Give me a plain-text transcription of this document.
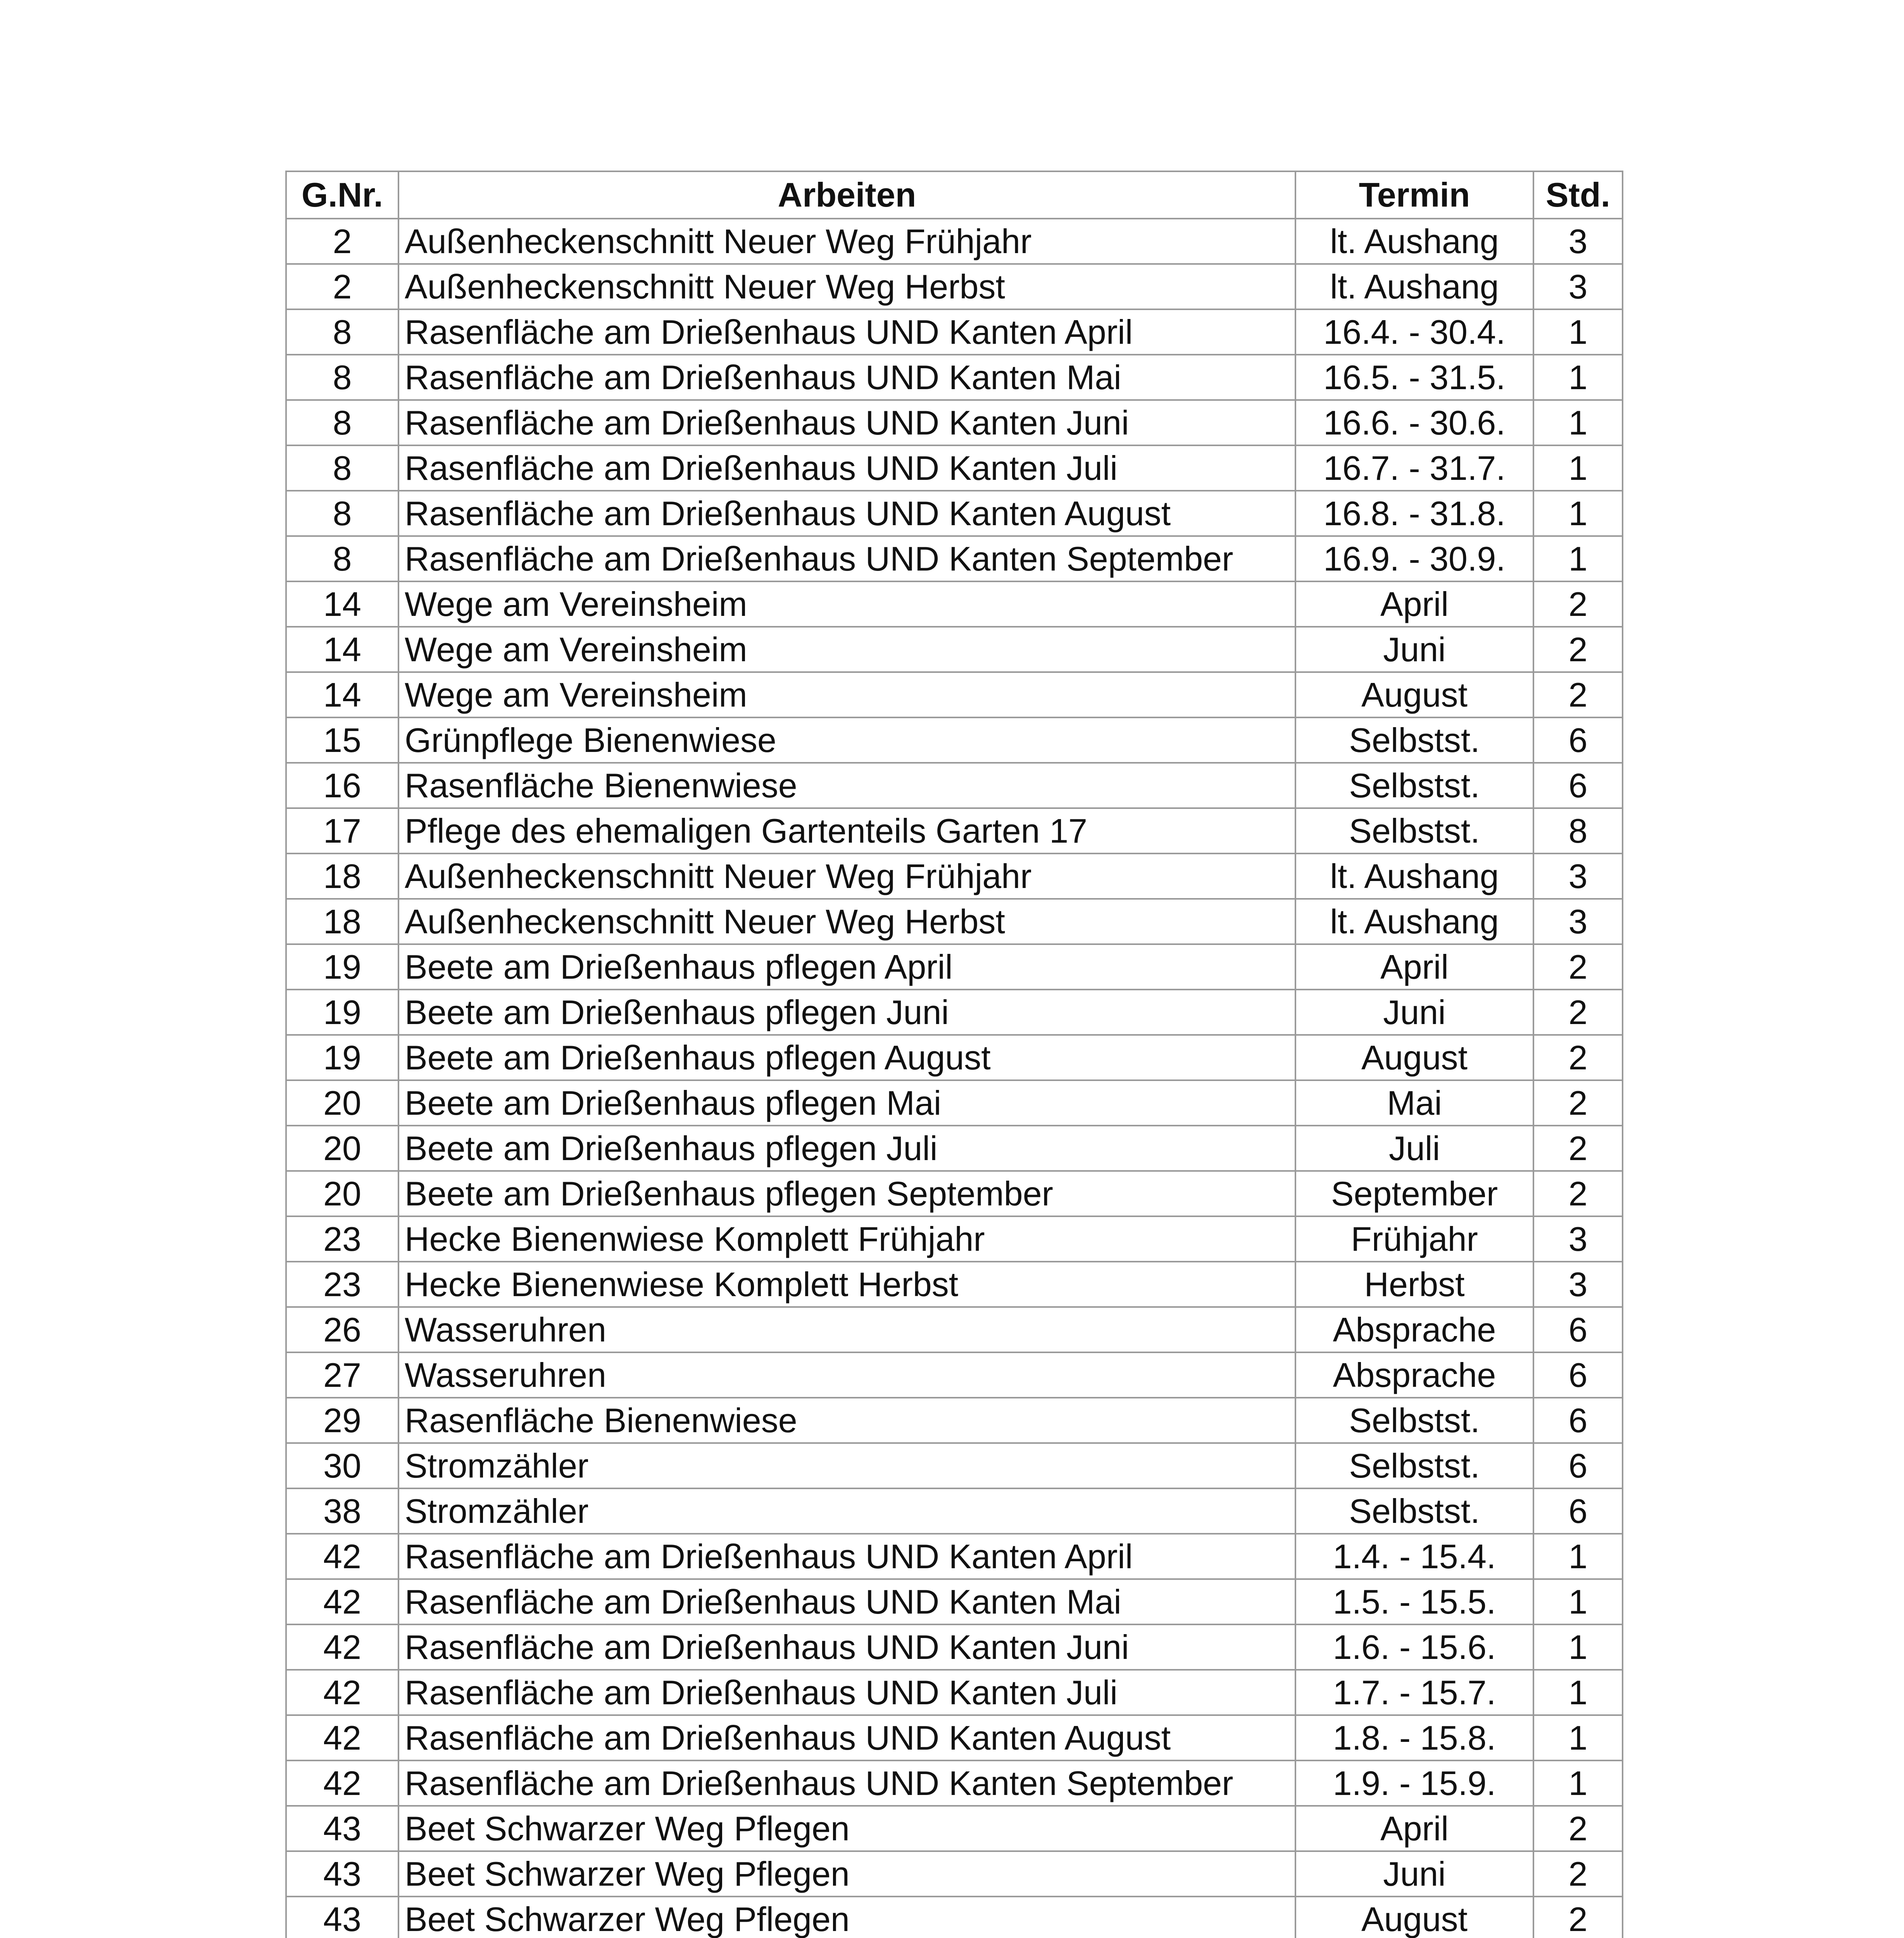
G.Nr.	Arbeiten	Termin	Std.
2	Außenheckenschnitt Neuer Weg Frühjahr	lt. Aushang	3
2	Außenheckenschnitt Neuer Weg Herbst	lt. Aushang	3
8	Rasenfläche am Drießenhaus UND Kanten April	16.4. - 30.4.	1
8	Rasenfläche am Drießenhaus UND Kanten Mai	16.5. - 31.5.	1
8	Rasenfläche am Drießenhaus UND Kanten Juni	16.6. - 30.6.	1
8	Rasenfläche am Drießenhaus UND Kanten Juli	16.7. - 31.7.	1
8	Rasenfläche am Drießenhaus UND Kanten August	16.8. - 31.8.	1
8	Rasenfläche am Drießenhaus UND Kanten September	16.9. - 30.9.	1
14	Wege am Vereinsheim	April	2
14	Wege am Vereinsheim	Juni	2
14	Wege am Vereinsheim	August	2
15	Grünpflege Bienenwiese	Selbstst.	6
16	Rasenfläche Bienenwiese	Selbstst.	6
17	Pflege des ehemaligen Gartenteils Garten 17	Selbstst.	8
18	Außenheckenschnitt Neuer Weg Frühjahr	lt. Aushang	3
18	Außenheckenschnitt Neuer Weg Herbst	lt. Aushang	3
19	Beete am Drießenhaus pflegen April	April	2
19	Beete am Drießenhaus pflegen Juni	Juni	2
19	Beete am Drießenhaus pflegen August	August	2
20	Beete am Drießenhaus pflegen Mai	Mai	2
20	Beete am Drießenhaus pflegen Juli	Juli	2
20	Beete am Drießenhaus pflegen September	September	2
23	Hecke Bienenwiese Komplett Frühjahr	Frühjahr	3
23	Hecke Bienenwiese Komplett Herbst	Herbst	3
26	Wasseruhren	Absprache	6
27	Wasseruhren	Absprache	6
29	Rasenfläche Bienenwiese	Selbstst.	6
30	Stromzähler	Selbstst.	6
38	Stromzähler	Selbstst.	6
42	Rasenfläche am Drießenhaus UND Kanten April	1.4. - 15.4.	1
42	Rasenfläche am Drießenhaus UND Kanten Mai	1.5. - 15.5.	1
42	Rasenfläche am Drießenhaus UND Kanten Juni	1.6. - 15.6.	1
42	Rasenfläche am Drießenhaus UND Kanten Juli	1.7. - 15.7.	1
42	Rasenfläche am Drießenhaus UND Kanten August	1.8. - 15.8.	1
42	Rasenfläche am Drießenhaus UND Kanten September	1.9. - 15.9.	1
43	Beet Schwarzer Weg Pflegen	April	2
43	Beet Schwarzer Weg Pflegen	Juni	2
43	Beet Schwarzer Weg Pflegen	August	2
